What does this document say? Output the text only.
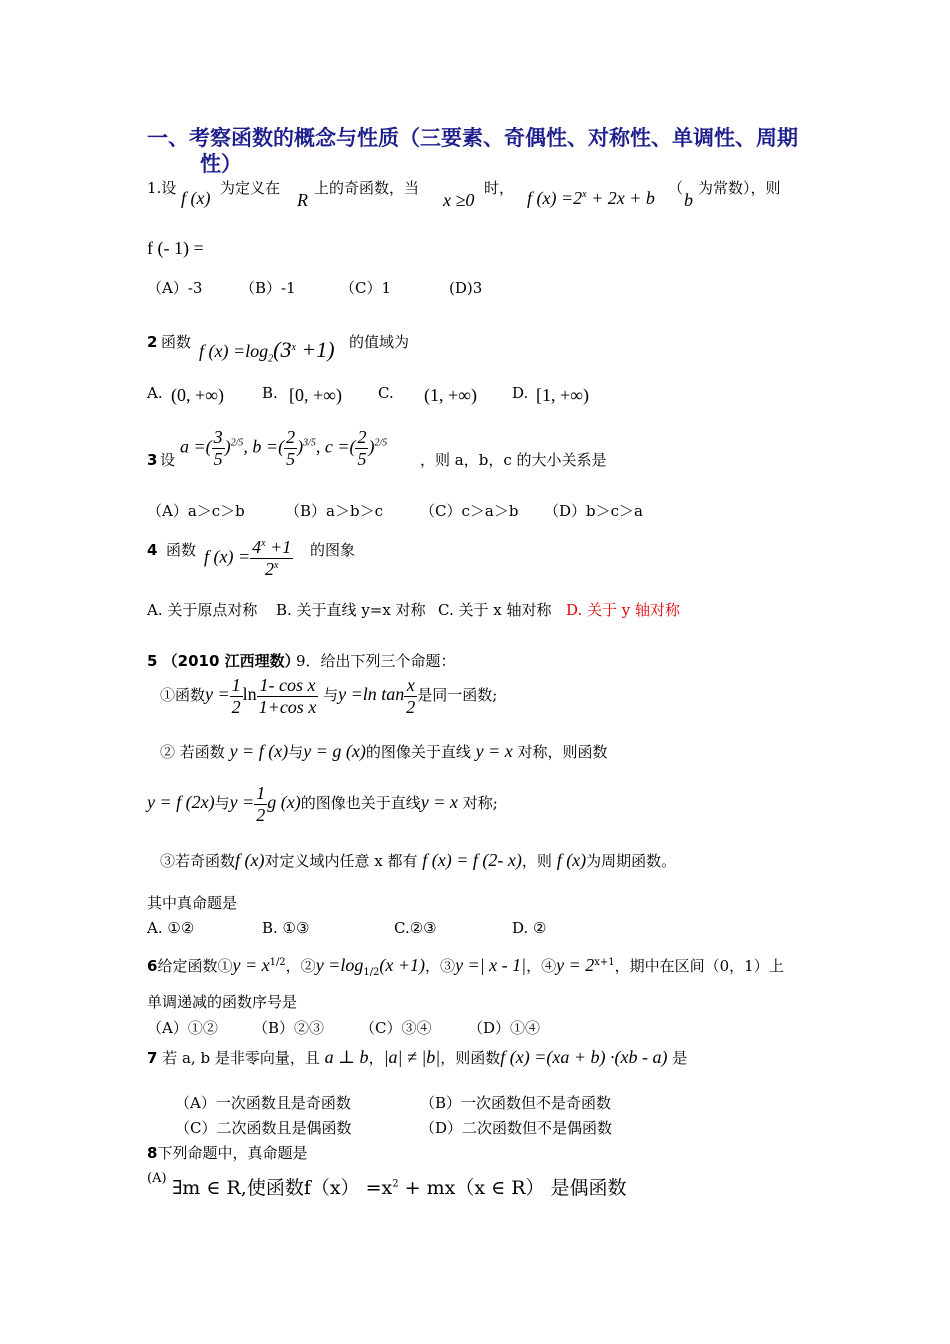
一、考察函数的概念与性质（三要素、奇偶性、对称性、单调性、周期
性）
1.设 f (x) 为定义在
R
上的奇函数，当
x ≥0
时， f $(x) =2^x + 2x + b$ （
b
为常数），则
f (- 1) =
（A）-3	（B）-1	（C）1	(D)3
2 函数 f $(x) =\log_2(3^x +1)$ 的值域为
A. (0, +∞)	B. [0, +∞) C. (1, +∞) D. [1, +∞)
3 设
a =( $\frac{3}{5} )^{2/5}$, b =( $\frac{2}{5} )^{3/5}$, c =( $\frac{2}{5} )^{2/5}$
，则 a，b，c 的大小关系是
（A）a＞c＞b	（B）a＞b＞c （C）c＞a＞b （D）b＞c＞a
4 函数 f $(x) = \frac{4^x +1}{2^x}$ 的图象
A. 关于原点对称 B. 关于直线 y=x 对称 C. 关于 x 轴对称 D. 关于 y 轴对称
5 （2010 江西理数）
9．给出下列三个命题：
①函数$y = \frac{1}{2}$ $\ln \frac{\text{1- cos x}}{\text{1+cos x}}$ 与y =ln $\tan \frac{x}{2}$ 是同一函数;
② 若函数 y = f (x)与y = g (x)的图像关于直线 y = x 对称，则函数
y = f (2x)与$y = \frac{1}{2}$ g (x)的图像也关于直线y = x 对称;
③若奇函数f (x)对定义域内任意 x 都有 f (x) = f (2- x)，则 f (x)为周期函数。
其中真命题是
A. ①②	B. ①③	C.②③	D. ②
6给定函数①y = $x^{1/2}$，②y $=\log_{1/2}(x +1)$，③y =| x - 1|，④y = $2^{x+1}$，期中在区间（0，1）上
单调递减的函数序号是
（A）①② （B）②③ （C）③④ （D）①④
7 若 a, b 是非零向量，且 a ⊥ b，|a| ≠ |b|，则函数f (x) =(xa + b) ·(xb - a) 是
（A）一次函数且是奇函数	（B）一次函数但不是奇函数
（C）二次函数且是偶函数	（D）二次函数但不是偶函数
8下列命题中，真命题是
(A) ∃m ∈ R,使函数$f(x) =x^2 + mx(x$ ∈ R） 是偶函数
